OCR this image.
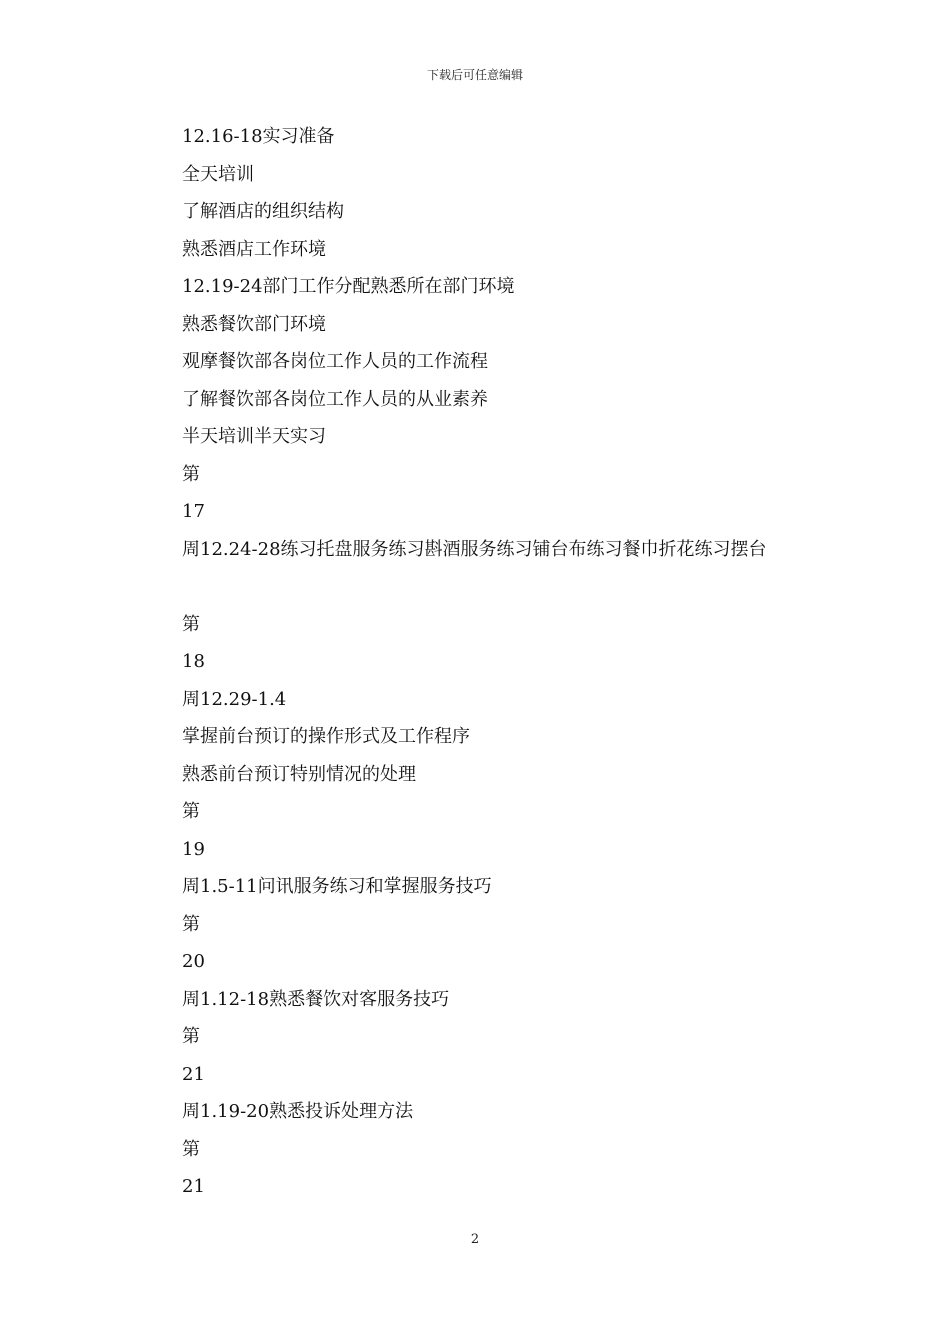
下载后可任意编辑
12.16-18实习准备
全天培训
了解酒店的组织结构
熟悉酒店工作环境
12.19-24部门工作分配熟悉所在部门环境
熟悉餐饮部门环境
观摩餐饮部各岗位工作人员的工作流程
了解餐饮部各岗位工作人员的从业素养
半天培训半天实习
第
17
周12.24-28练习托盘服务练习斟酒服务练习铺台布练习餐巾折花练习摆台
第
18
周12.29-1.4
掌握前台预订的操作形式及工作程序
熟悉前台预订特别情况的处理
第
19
周1.5-11问讯服务练习和掌握服务技巧
第
20
周1.12-18熟悉餐饮对客服务技巧
第
21
周1.19-20熟悉投诉处理方法
第
21
2
